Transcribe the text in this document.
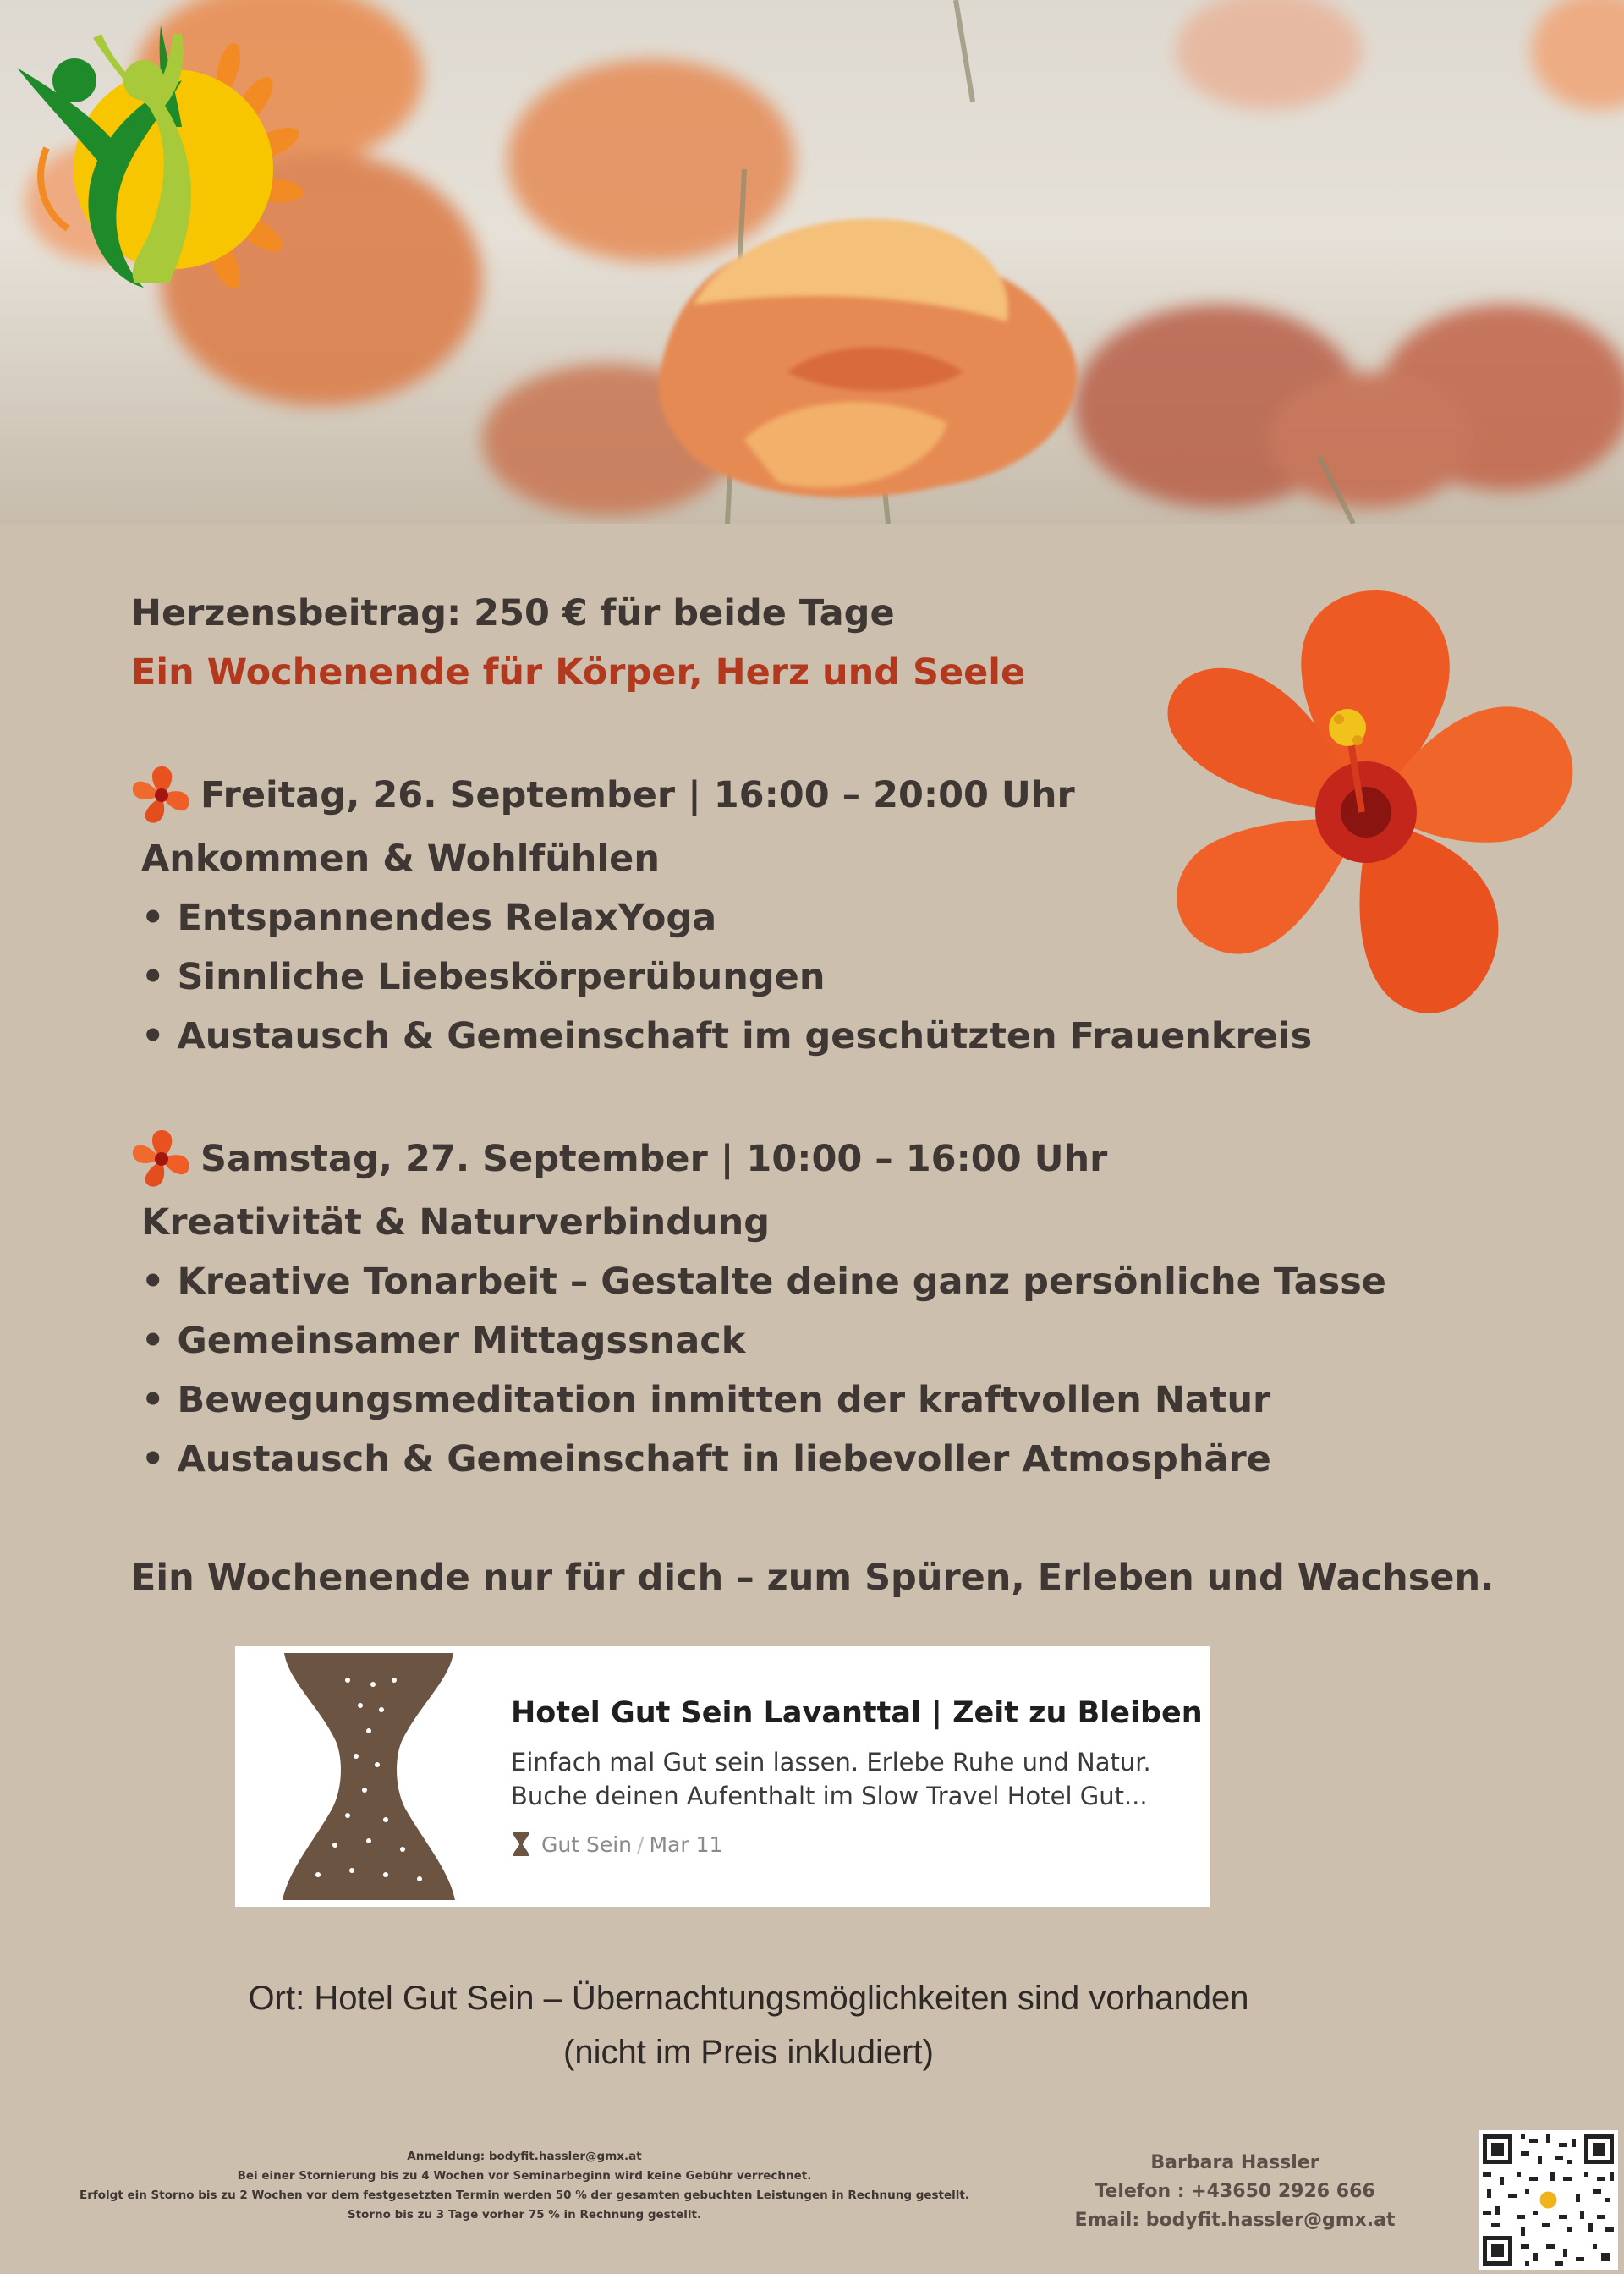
Herzensbeitrag: 250 € für beide Tage
Ein Wochenende für Körper, Herz und Seele
Freitag, 26. September | 16:00 – 20:00 Uhr
Ankommen & Wohlfühlen
• Entspannendes RelaxYoga
• Sinnliche Liebeskörperübungen
• Austausch & Gemeinschaft im geschützten Frauenkreis
Samstag, 27. September | 10:00 – 16:00 Uhr
Kreativität & Naturverbindung
• Kreative Tonarbeit – Gestalte deine ganz persönliche Tasse
• Gemeinsamer Mittagssnack
• Bewegungsmeditation inmitten der kraftvollen Natur
• Austausch & Gemeinschaft in liebevoller Atmosphäre
Ein Wochenende nur für dich – zum Spüren, Erleben und Wachsen.
Hotel Gut Sein Lavanttal | Zeit zu Bleiben
Einfach mal Gut sein lassen. Erlebe Ruhe und Natur.
Buche deinen Aufenthalt im Slow Travel Hotel Gut...
Gut Sein / Mar 11
Ort: Hotel Gut Sein – Übernachtungsmöglichkeiten sind vorhanden
(nicht im Preis inkludiert)
Anmeldung: bodyfit.hassler@gmx.at
Bei einer Stornierung bis zu 4 Wochen vor Seminarbeginn wird keine Gebühr verrechnet.
Erfolgt ein Storno bis zu 2 Wochen vor dem festgesetzten Termin werden 50 % der gesamten gebuchten Leistungen in Rechnung gestellt.
Storno bis zu 3 Tage vorher 75 % in Rechnung gestellt.
Barbara Hassler
Telefon : +43650 2926 666
Email: bodyfit.hassler@gmx.at
